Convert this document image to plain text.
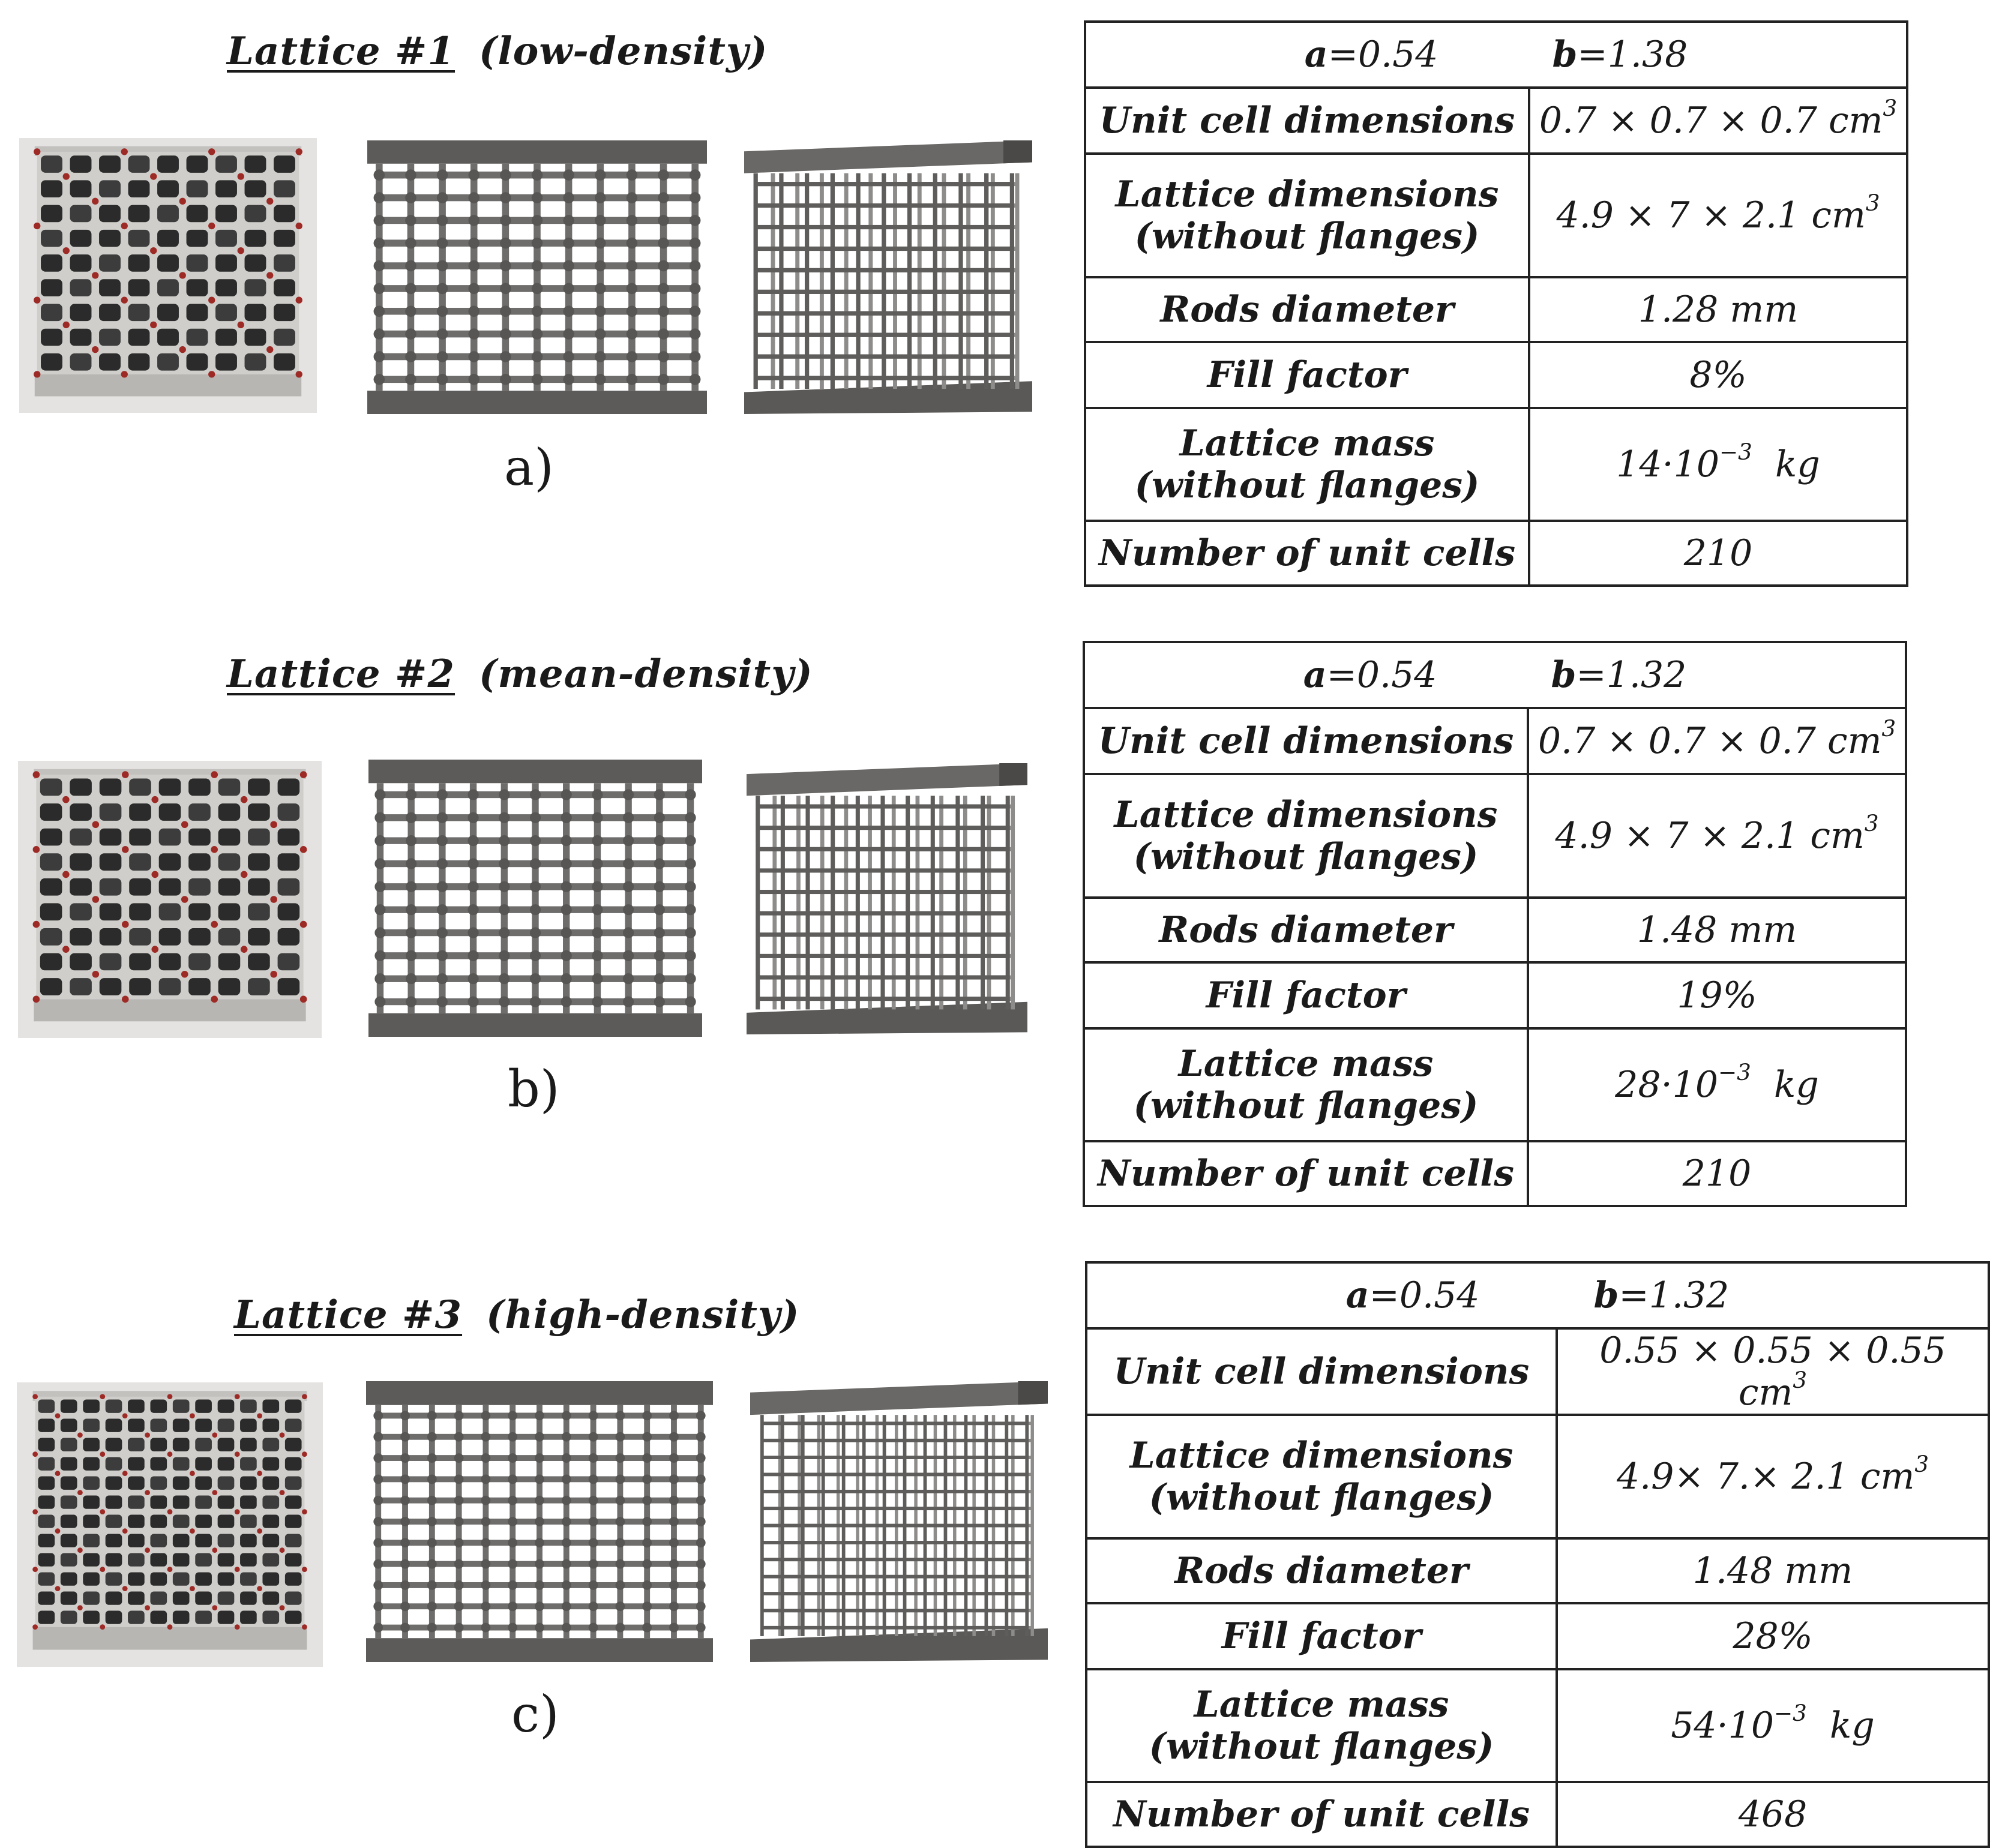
Lattice #1 (low-density)
a)
a=0.54 b=1.38	
Unit cell dimensions	0.7 × 0.7 × 0.7 $cm^3$
Lattice dimensions
(without flanges)	4.9 × 7 × 2.1 $cm^3$
Rods diameter	1.28 mm
Fill factor	8%
Lattice mass
(without flanges)	$14\cdot 10^{-3}$ kg
Number of unit cells	210
Lattice #2 (mean-density)
b)
a=0.54 b=1.32	
Unit cell dimensions	0.7 × 0.7 × 0.7 $cm^3$
Lattice dimensions
(without flanges)	4.9 × 7 × 2.1 $cm^3$
Rods diameter	1.48 mm
Fill factor	19%
Lattice mass
(without flanges)	$28\cdot 10^{-3}$ kg
Number of unit cells	210
Lattice #3 (high-density)
c)
a=0.54 b=1.32	
Unit cell dimensions	0.55 × 0.55 × 0.55 $cm^3$
Lattice dimensions
(without flanges)	4.9× 7.× 2.1 $cm^3$
Rods diameter	1.48 mm
Fill factor	28%
Lattice mass
(without flanges)	$54\cdot 10^{-3}$ kg
Number of unit cells	468
